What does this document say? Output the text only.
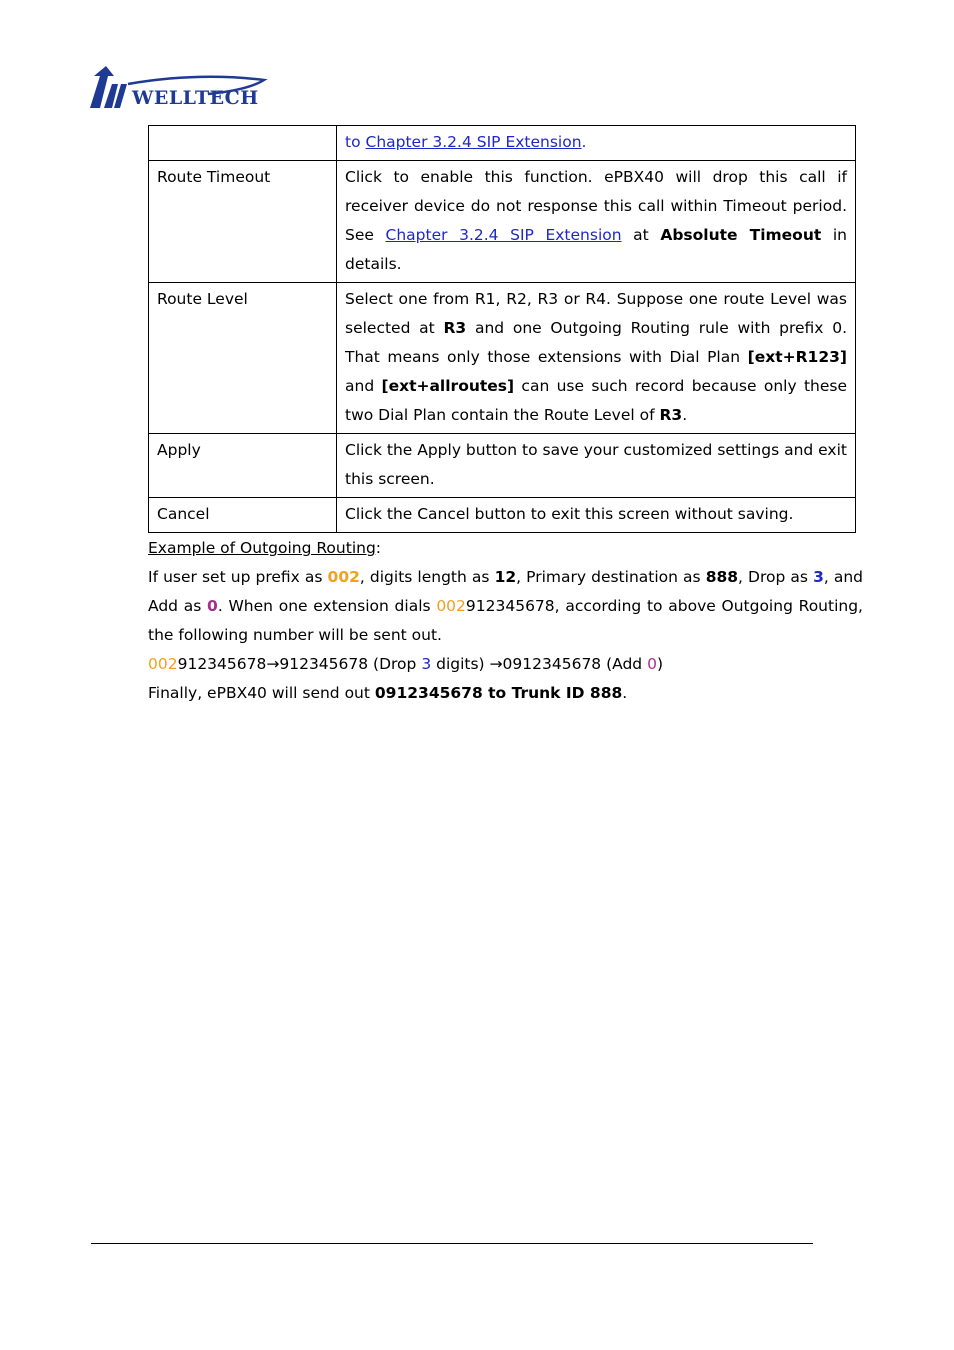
WELLTECH
	to Chapter 3.2.4 SIP Extension.
Route Timeout	Click to enable this function. ePBX40 will drop this call if receiver device do not response this call within Timeout period. See Chapter 3.2.4 SIP Extension at Absolute Timeout in details.
Route Level	Select one from R1, R2, R3 or R4. Suppose one route Level was selected at R3 and one Outgoing Routing rule with prefix 0. That means only those extensions with Dial Plan [ext+R123] and [ext+allroutes] can use such record because only these two Dial Plan contain the Route Level of R3.
Apply	Click the Apply button to save your customized settings and exit this screen.
Cancel	Click the Cancel button to exit this screen without saving.

Example of Outgoing Routing:

If user set up prefix as 002, digits length as 12, Primary destination as 888, Drop as 3, and Add as 0. When one extension dials 002912345678, according to above Outgoing Routing, the following number will be sent out.

002912345678→912345678 (Drop 3 digits) →0912345678 (Add 0)

Finally, ePBX40 will send out 0912345678 to Trunk ID 888.
